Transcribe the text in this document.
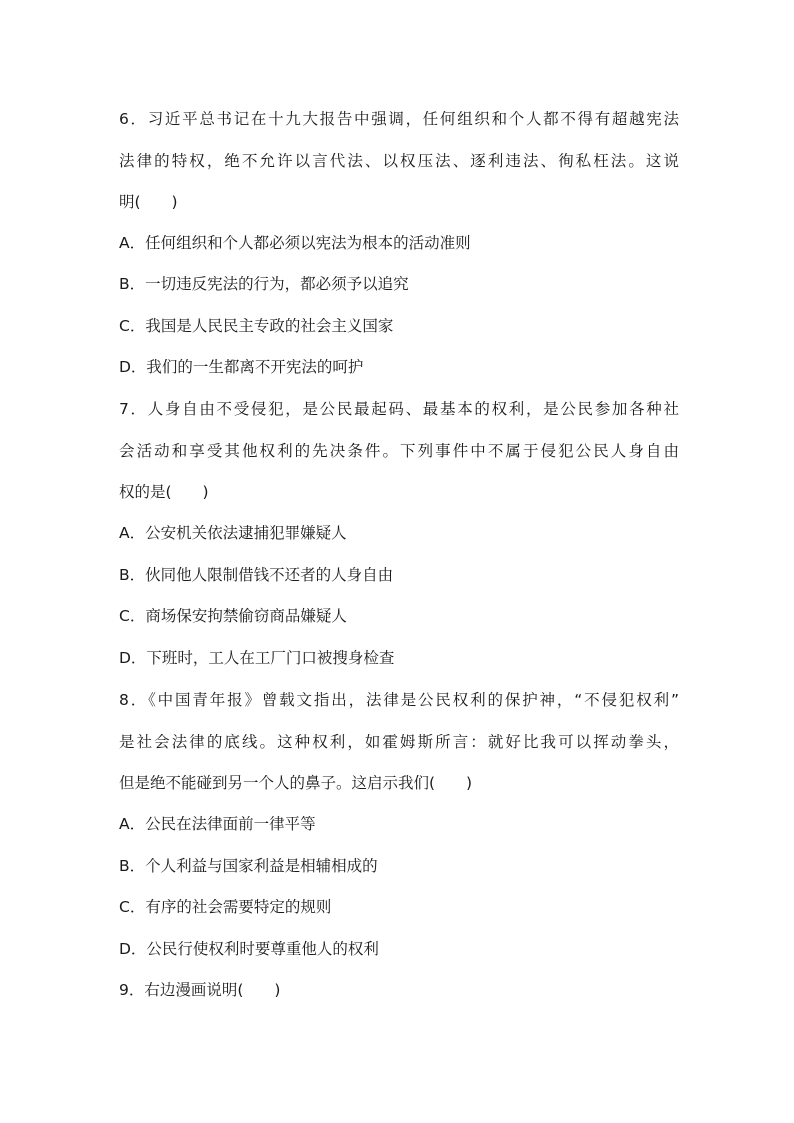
6．习近平总书记在十九大报告中强调，任何组织和个人都不得有超越宪法
法律的特权，绝不允许以言代法、以权压法、逐利违法、徇私枉法。这说
明(　　)
A．任何组织和个人都必须以宪法为根本的活动准则
B．一切违反宪法的行为，都必须予以追究
C．我国是人民民主专政的社会主义国家
D．我们的一生都离不开宪法的呵护
7．人身自由不受侵犯，是公民最起码、最基本的权利，是公民参加各种社
会活动和享受其他权利的先决条件。下列事件中不属于侵犯公民人身自由
权的是(　　)
A．公安机关依法逮捕犯罪嫌疑人
B．伙同他人限制借钱不还者的人身自由
C．商场保安拘禁偷窃商品嫌疑人
D．下班时，工人在工厂门口被搜身检查
8．《中国青年报》曾载文指出，法律是公民权利的保护神，“不侵犯权利”
是社会法律的底线。这种权利，如霍姆斯所言：就好比我可以挥动拳头，
但是绝不能碰到另一个人的鼻子。这启示我们(　　)
A．公民在法律面前一律平等
B．个人利益与国家利益是相辅相成的
C．有序的社会需要特定的规则
D．公民行使权利时要尊重他人的权利
9．右边漫画说明(　　)
